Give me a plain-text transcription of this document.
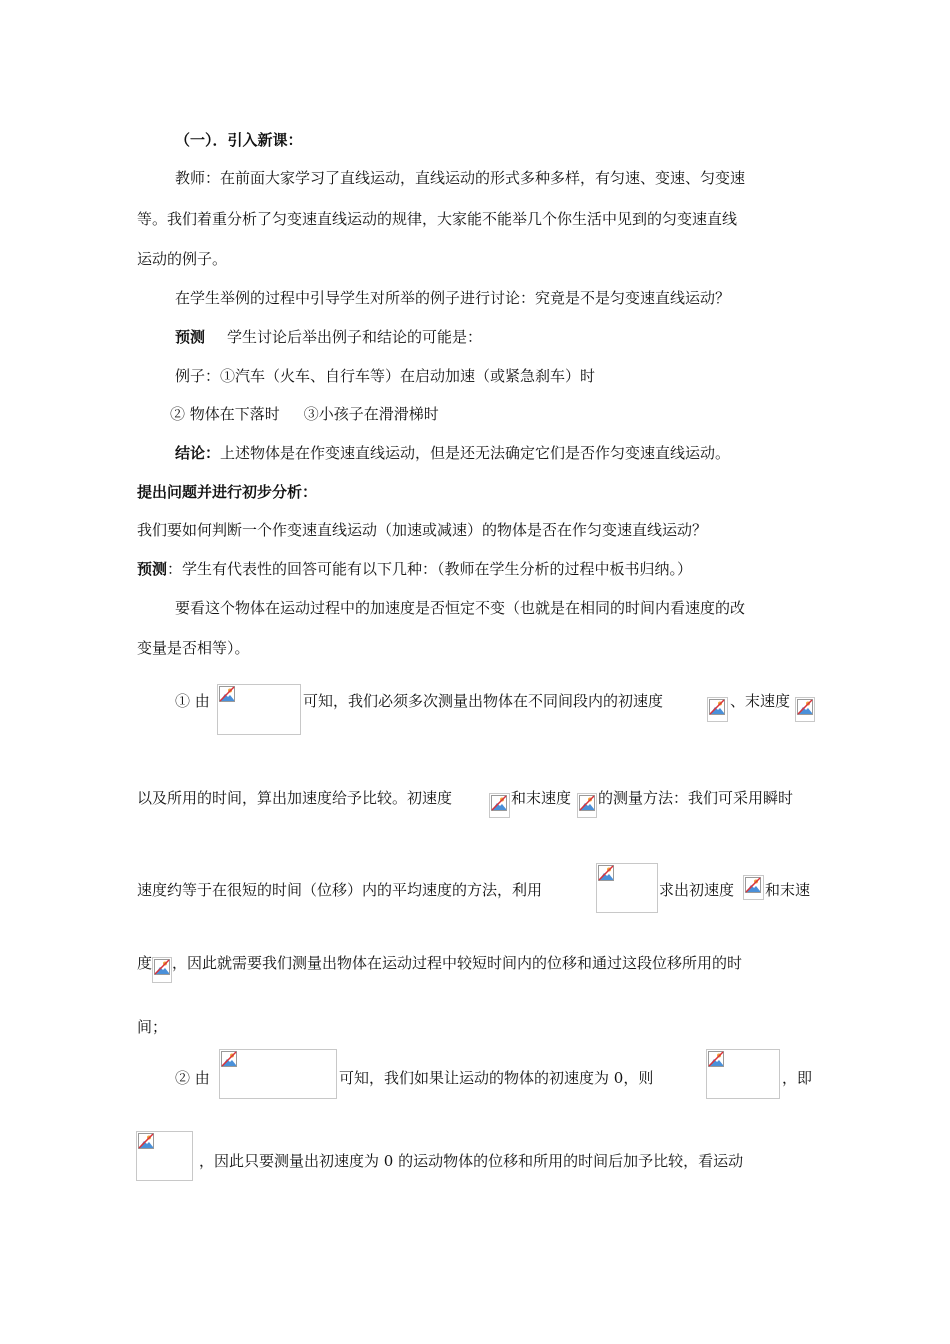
（一）．引入新课：
教师：在前面大家学习了直线运动，直线运动的形式多种多样，有匀速、变速、匀变速
等。我们着重分析了匀变速直线运动的规律，大家能不能举几个你生活中见到的匀变速直线
运动的例子。
在学生举例的过程中引导学生对所举的例子进行讨论：究竟是不是匀变速直线运动？
预测 学生讨论后举出例子和结论的可能是：
例子：①汽车（火车、自行车等）在启动加速（或紧急刹车）时
② 物体在下落时 ③小孩子在滑滑梯时
结论：上述物体是在作变速直线运动，但是还无法确定它们是否作匀变速直线运动。
提出问题并进行初步分析：
我们要如何判断一个作变速直线运动（加速或减速）的物体是否在作匀变速直线运动？
预测：学生有代表性的回答可能有以下几种：（教师在学生分析的过程中板书归纳。）
要看这个物体在运动过程中的加速度是否恒定不变（也就是在相同的时间内看速度的改
变量是否相等）。
① 由	可知，我们必须多次测量出物体在不同间段内的初速度	、末速度
以及所用的时间，算出加速度给予比较。初速度	和末速度 的测量方法：我们可采用瞬时
速度约等于在很短的时间（位移）内的平均速度的方法，利用	求出初速度 和末速
度 ，因此就需要我们测量出物体在运动过程中较短时间内的位移和通过这段位移所用的时
间；
② 由	可知，我们如果让运动的物体的初速度为 0，则	，即
，因此只要测量出初速度为 0 的运动物体的位移和所用的时间后加予比较，看运动
